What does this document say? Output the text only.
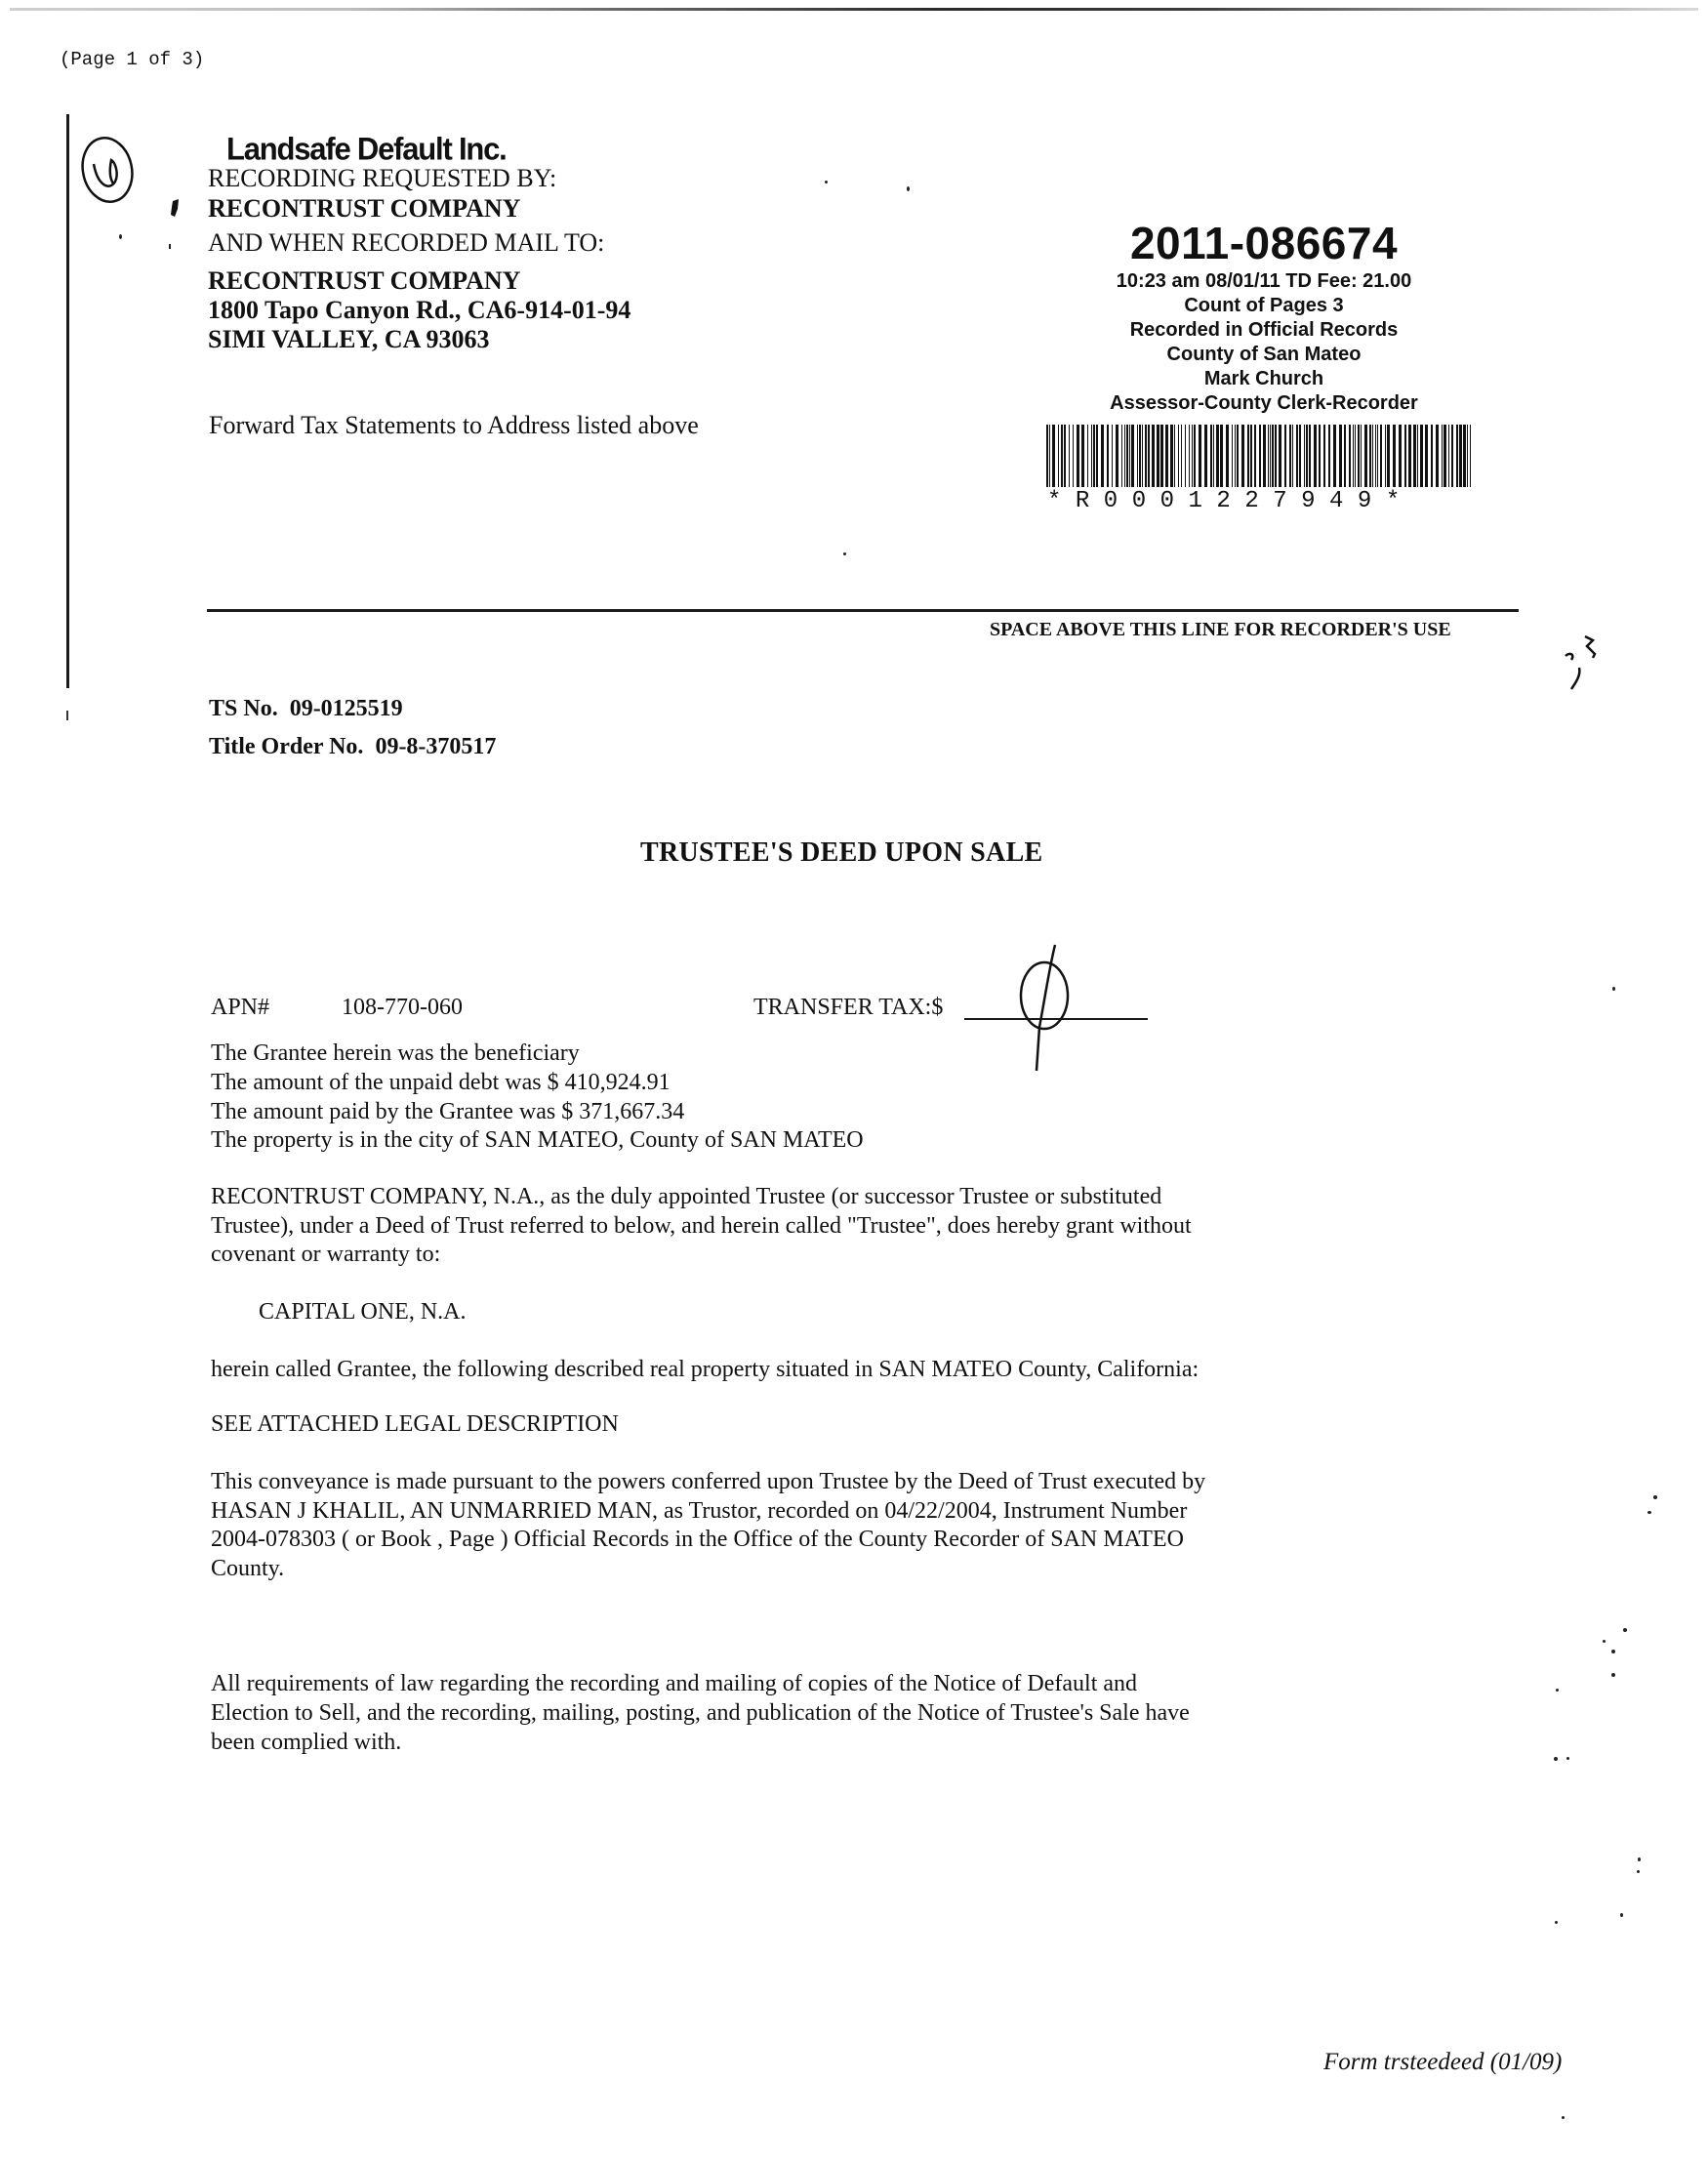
(Page 1 of 3)
Landsafe Default Inc.
RECORDING REQUESTED BY:
RECONTRUST COMPANY
AND WHEN RECORDED MAIL TO:
RECONTRUST COMPANY
1800 Tapo Canyon Rd., CA6-914-01-94
SIMI VALLEY, CA 93063
Forward Tax Statements to Address listed above
2011-086674
10:23 am 08/01/11 TD Fee: 21.00
Count of Pages 3
Recorded in Official Records
County of San Mateo
Mark Church
Assessor-County Clerk-Recorder
*R0001227949*
SPACE ABOVE THIS LINE FOR RECORDER'S USE
TS No. 09-0125519
Title Order No. 09-8-370517
TRUSTEE'S DEED UPON SALE
APN#	108-770-060	TRANSFER TAX:$
The Grantee herein was the beneficiary
The amount of the unpaid debt was $ 410,924.91
The amount paid by the Grantee was $ 371,667.34
The property is in the city of SAN MATEO, County of SAN MATEO
RECONTRUST COMPANY, N.A., as the duly appointed Trustee (or successor Trustee or substituted
Trustee), under a Deed of Trust referred to below, and herein called "Trustee", does hereby grant without
covenant or warranty to:
CAPITAL ONE, N.A.
herein called Grantee, the following described real property situated in SAN MATEO County, California:
SEE ATTACHED LEGAL DESCRIPTION
This conveyance is made pursuant to the powers conferred upon Trustee by the Deed of Trust executed by
HASAN J KHALIL, AN UNMARRIED MAN, as Trustor, recorded on 04/22/2004, Instrument Number
2004-078303 ( or Book , Page ) Official Records in the Office of the County Recorder of SAN MATEO
County.
All requirements of law regarding the recording and mailing of copies of the Notice of Default and
Election to Sell, and the recording, mailing, posting, and publication of the Notice of Trustee's Sale have
been complied with.
Form trsteedeed (01/09)
